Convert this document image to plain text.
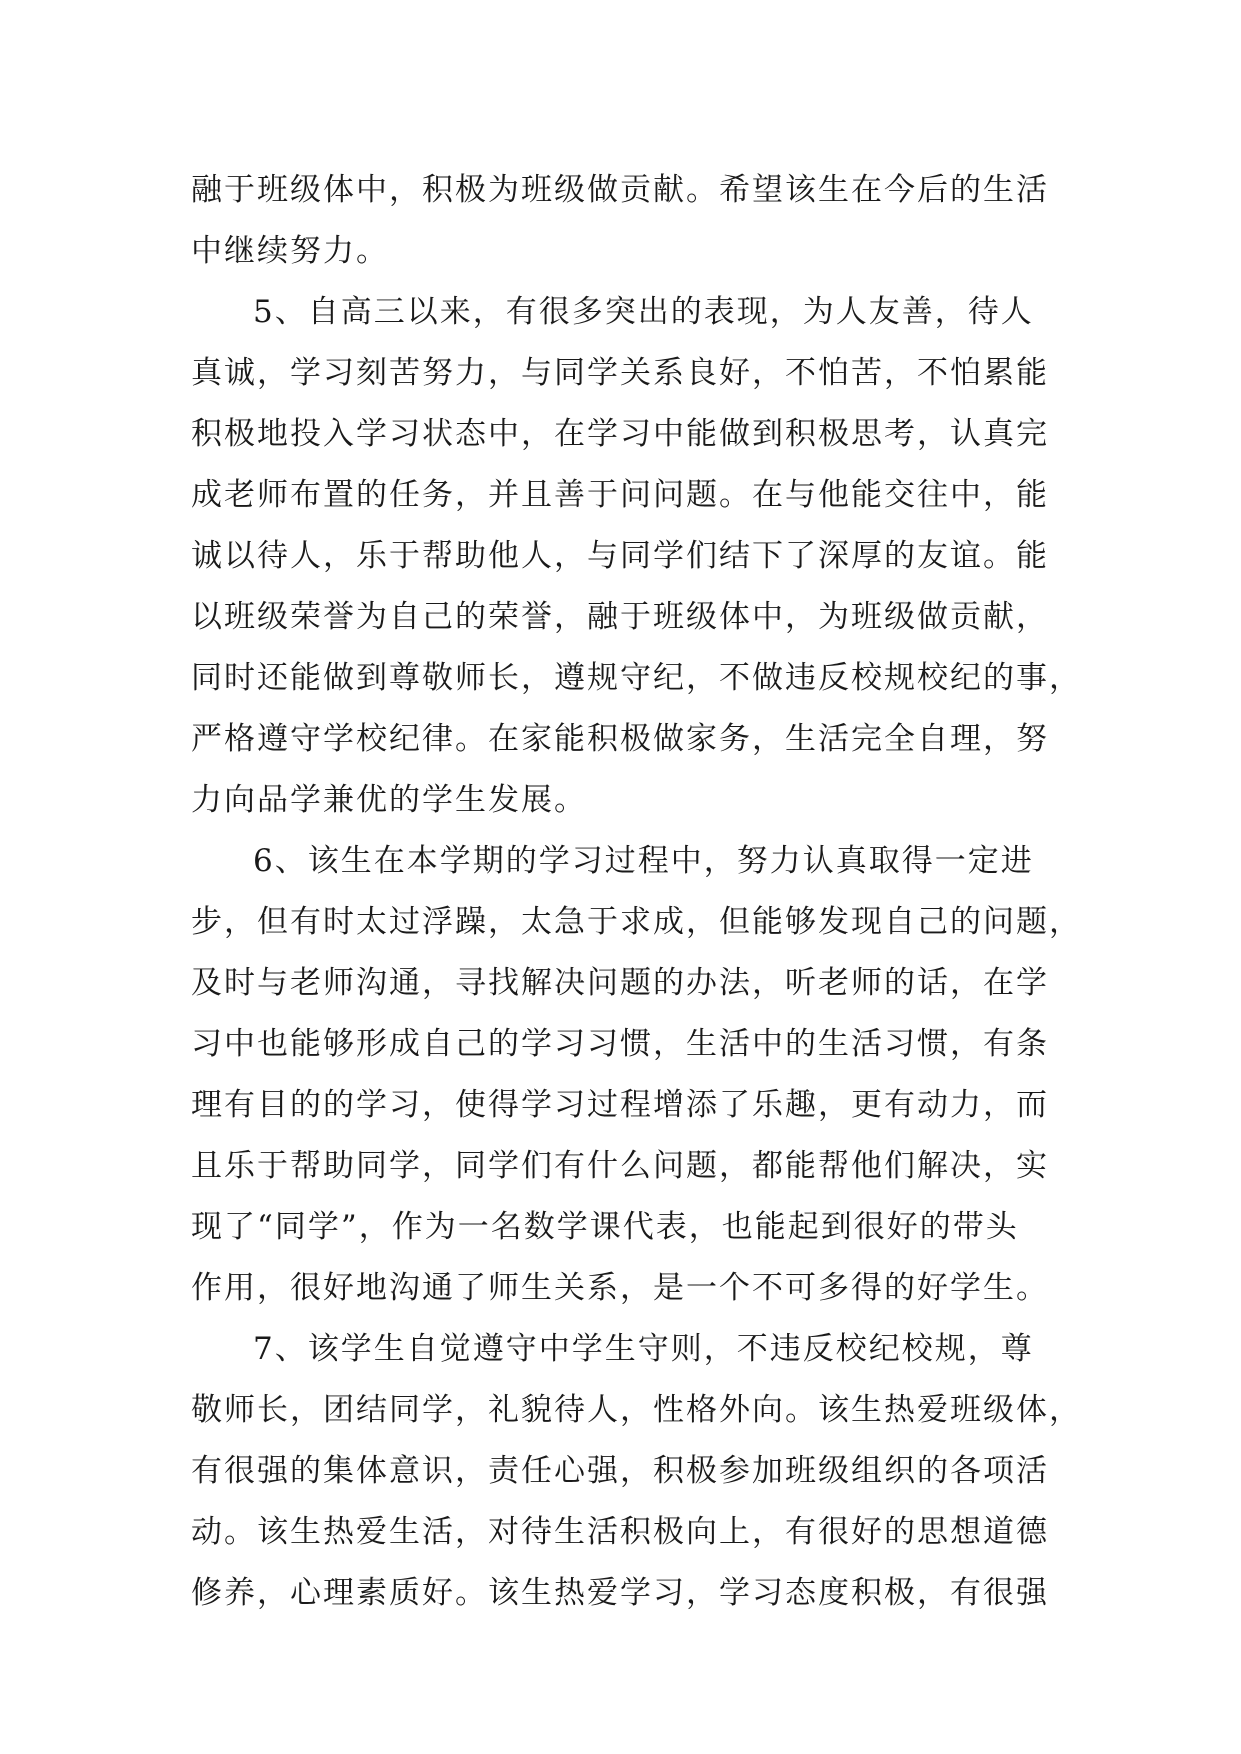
融于班级体中，积极为班级做贡献。希望该生在今后的生活
中继续努力。
5、自高三以来，有很多突出的表现，为人友善，待人
真诚，学习刻苦努力，与同学关系良好，不怕苦，不怕累能
积极地投入学习状态中，在学习中能做到积极思考，认真完
成老师布置的任务，并且善于问问题。在与他能交往中，能
诚以待人，乐于帮助他人，与同学们结下了深厚的友谊。能
以班级荣誉为自己的荣誉，融于班级体中，为班级做贡献，
同时还能做到尊敬师长，遵规守纪，不做违反校规校纪的事，
严格遵守学校纪律。在家能积极做家务，生活完全自理，努
力向品学兼优的学生发展。
6、该生在本学期的学习过程中，努力认真取得一定进
步，但有时太过浮躁，太急于求成，但能够发现自己的问题，
及时与老师沟通，寻找解决问题的办法，听老师的话，在学
习中也能够形成自己的学习习惯，生活中的生活习惯，有条
理有目的的学习，使得学习过程增添了乐趣，更有动力，而
且乐于帮助同学，同学们有什么问题，都能帮他们解决，实
现了“同学”，作为一名数学课代表，也能起到很好的带头
作用，很好地沟通了师生关系，是一个不可多得的好学生。
7、该学生自觉遵守中学生守则，不违反校纪校规，尊
敬师长，团结同学，礼貌待人，性格外向。该生热爱班级体，
有很强的集体意识，责任心强，积极参加班级组织的各项活
动。该生热爱生活，对待生活积极向上，有很好的思想道德
修养，心理素质好。该生热爱学习，学习态度积极，有很强
